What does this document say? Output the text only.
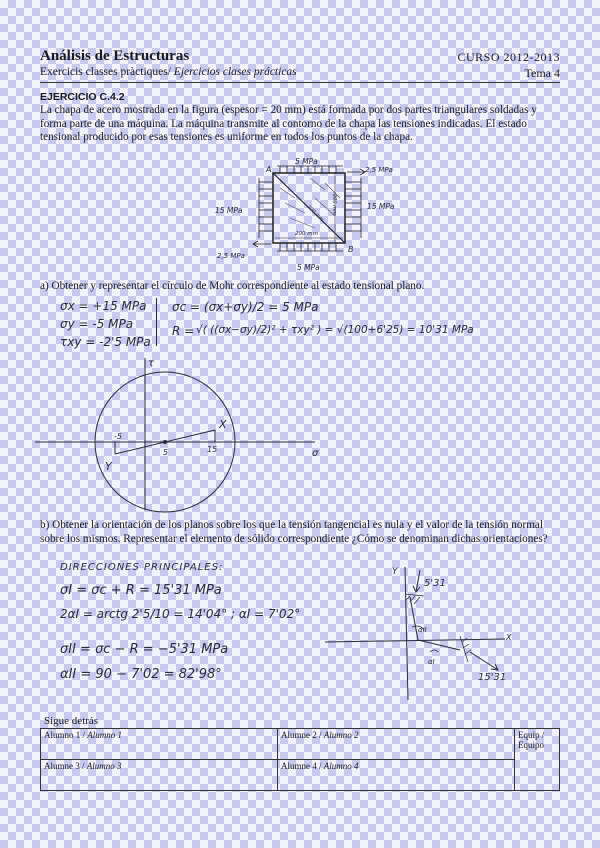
Análisis de Estructuras	CURSO 2012-2013
Exercicis classes pràctiques/ Ejercicios clases prácticas	Tema 4
EJERCICIO C.4.2
La chapa de acero mostrada en la figura (espesor = 20 mm) está formada por dos partes triangulares soldadas y forma parte de una máquina. La máquina transmite al contorno de la chapa las tensiones indicadas. El estado tensional producido por esas tensiones es uniforme en todos los puntos de la chapa.
5 MPa
5 MPa
15 MPa	15 MPa
2,5 MPa
2,5 MPa
A
B
200 mm
200 mm
200 mm
a) Obtener y representar el círculo de Mohr correspondiente al estado tensional plano.
σx = +15 MPa
σy = -5 MPa
τxy = -2'5 MPa
σc = (σx+σy)/2 = 5 MPa
R = √( ((σx−σy)/2)² + τxy² ) = √(100+6'25) = 10'31 MPa
τ
σ
X
Y
-5
5	15
b) Obtener la orientación de los planos sobre los que la tensión tangencial es nula y el valor de la tensión normal sobre los mismos. Representar el elemento de sólido correspondiente ¿Cómo se denominan dichas orientaciones?
DIRECCIONES PRINCIPALES:
σI = σc + R = 15'31 MPa
2αI = arctg 2'5/10 = 14'04° ; αI = 7'02°
σII = σc − R = −5'31 MPa
αII = 90 − 7'02 = 82'98°
Y
X
5'31
15'31
αII
αI
Sigue detrás
Alumno 1 / Alumno 1	Alumne 2 / Alumno 2	Equip / Equipo
Alumne 3 / Alumno 3	Alumne 4 / Alumno 4	
